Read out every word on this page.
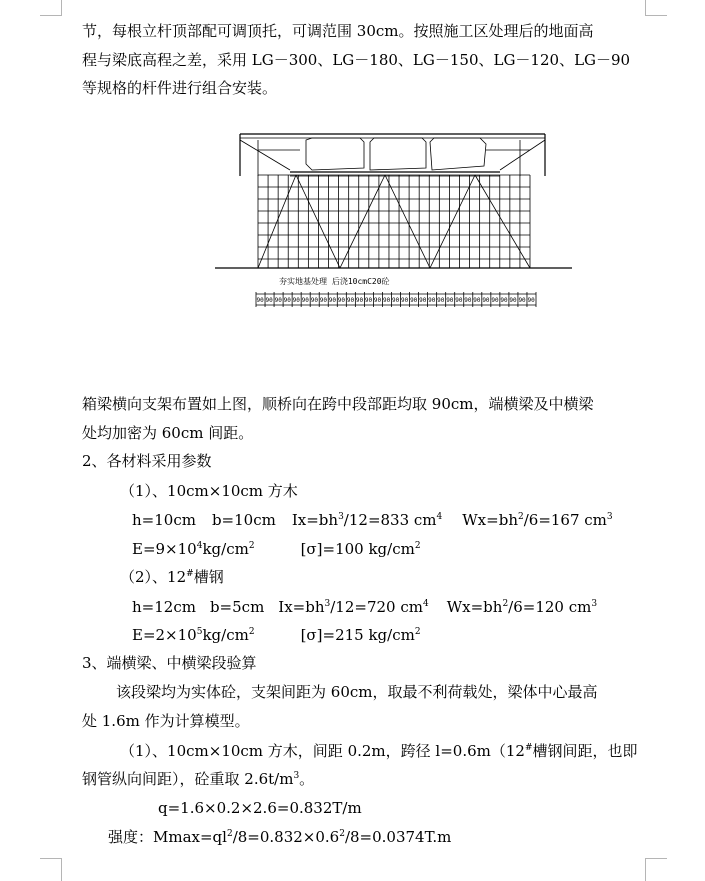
节，每根立杆顶部配可调顶托，可调范围 30cm。按照施工区处理后的地面高
程与梁底高程之差，采用 LG－300、LG－180、LG－150、LG－120、LG－90
等规格的杆件进行组合安装。
夯实地基处理 后浇10cmC20砼
90 90 90 90 90 90 90 90 90 90 90 90 90 90 90 90 90 90 90 90 90 90 90 90 90 90 90 90 90 90 90
箱梁横向支架布置如上图，顺桥向在跨中段部距均取 90cm，端横梁及中横梁
处均加密为 60cm 间距。
2、各材料采用参数
（1）、10cm×10cm 方木
h=10cm b=10cm $Ix=bh^3/12=833$ $cm^4$ $Wx=bh^2/6=167$ $cm^3$
$E=9\times 10^4kg/cm^2$	[σ]=100 $kg/cm^2$
（2）、12#槽钢
h=12cm b=5cm $Ix=bh^3/12=720$ $cm^4$ $Wx=bh^2/6=120$ $cm^3$
$E=2\times 10^5kg/cm^2$	[σ]=215 $kg/cm^2$
3、端横梁、中横梁段验算
该段梁均为实体砼，支架间距为 60cm，取最不利荷载处，梁体中心最高
处 1.6m 作为计算模型。
（1）、10cm×10cm 方木，间距 0.2m，跨径 l=0.6m（12#槽钢间距，也即
钢管纵向间距），砼重取 $2.6t/m^3$。
q=1.6×0.2×2.6=0.832T/m
强度：$Mmax=ql^2/8=0.832\times 0.6^2/8=0.0374T.m$
